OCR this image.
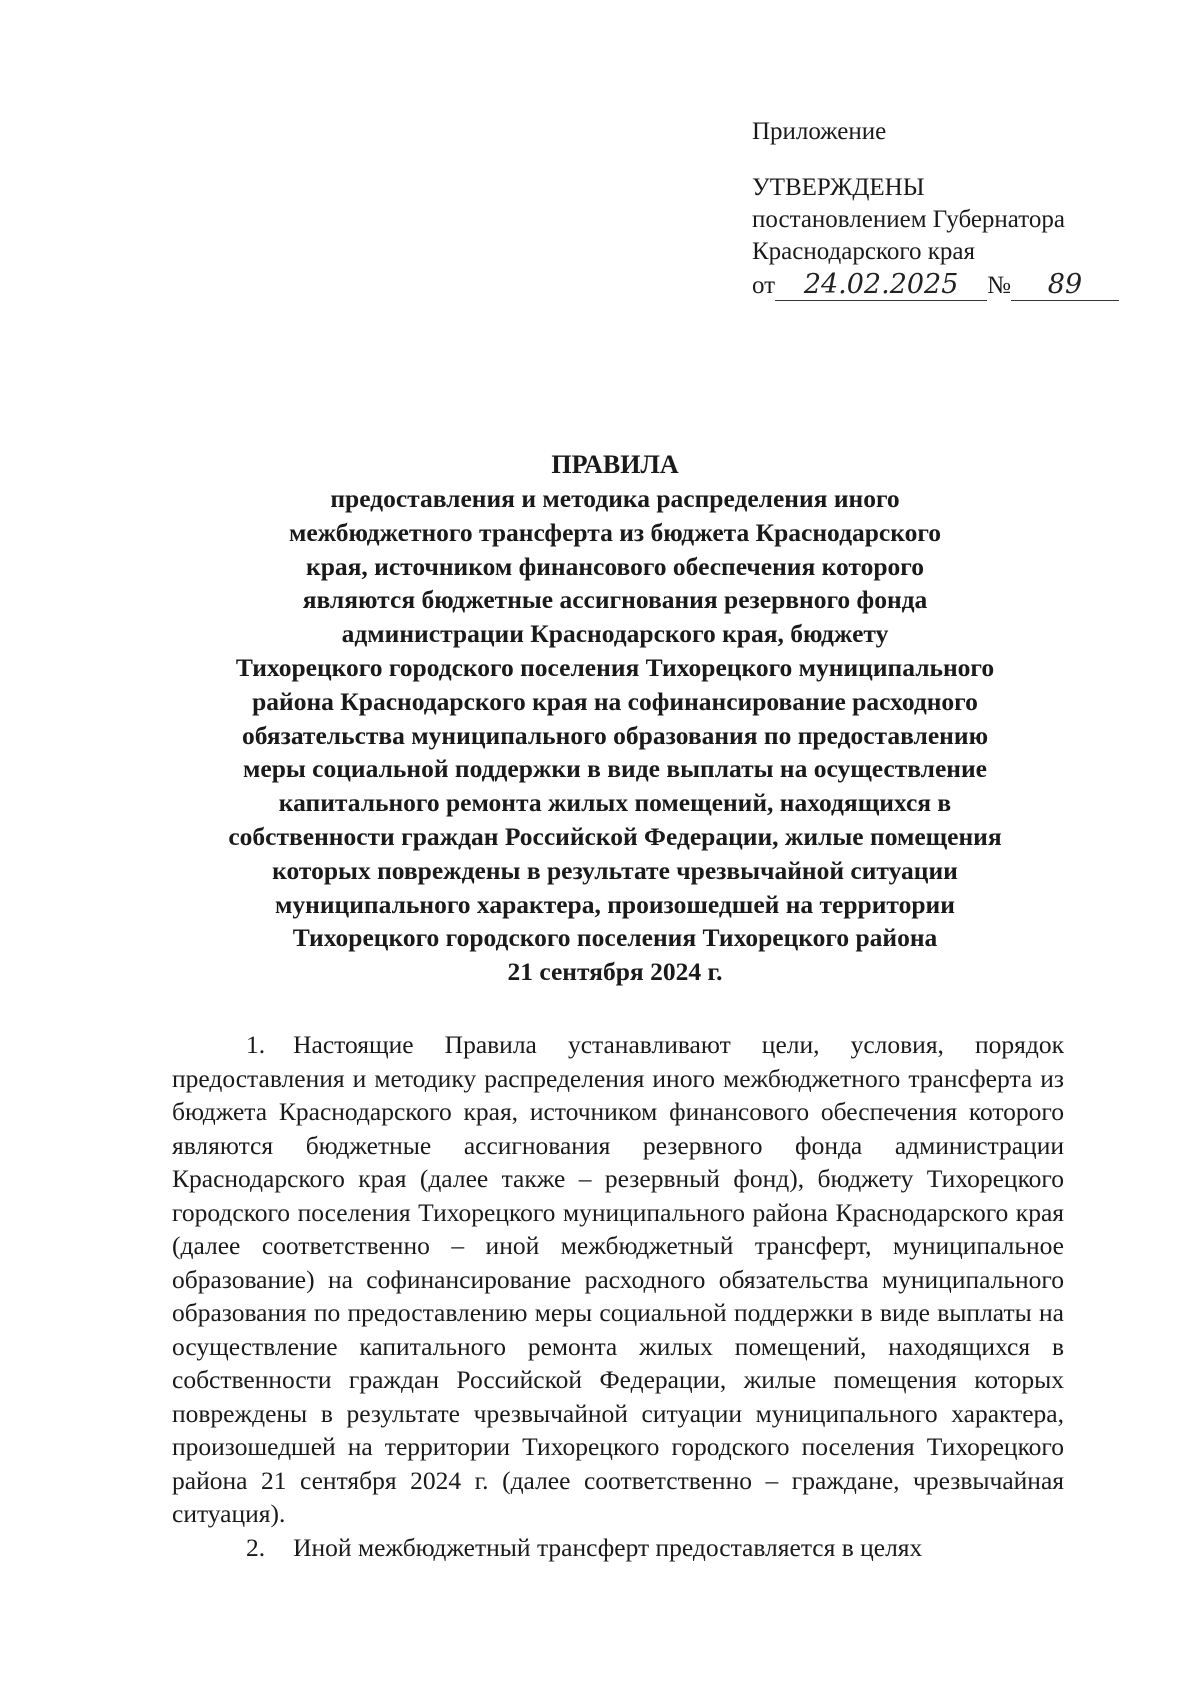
Приложение
УТВЕРЖДЕНЫ
постановлением Губернатора
Краснодарского края
от 24.02.2025 № 89
ПРАВИЛА
предоставления и методика распределения иного
межбюджетного трансферта из бюджета Краснодарского
края, источником финансового обеспечения которого
являются бюджетные ассигнования резервного фонда
администрации Краснодарского края, бюджету
Тихорецкого городского поселения Тихорецкого муниципального
района Краснодарского края на софинансирование расходного
обязательства муниципального образования по предоставлению
меры социальной поддержки в виде выплаты на осуществление
капитального ремонта жилых помещений, находящихся в
собственности граждан Российской Федерации, жилые помещения
которых повреждены в результате чрезвычайной ситуации
муниципального характера, произошедшей на территории
Тихорецкого городского поселения Тихорецкого района
21 сентября 2024 г.

1. Настоящие Правила устанавливают цели, условия, порядок предоставления и методику распределения иного межбюджетного трансферта из бюджета Краснодарского края, источником финансового обеспечения которого являются бюджетные ассигнования резервного фонда администрации Краснодарского края (далее также – резервный фонд), бюджету Тихорецкого городского поселения Тихорецкого муниципального района Краснодарского края (далее соответственно – иной межбюджетный трансферт, муниципальное образование) на софинансирование расходного обязательства муниципального образования по предоставлению меры социальной поддержки в виде выплаты на осуществление капитального ремонта жилых помещений, находящихся в собственности граждан Российской Федерации, жилые помещения которых повреждены в результате чрезвычайной ситуации муниципального характера, произошедшей на территории Тихорецкого городского поселения Тихорецкого района 21 сентября 2024 г. (далее соответственно – граждане, чрезвычайная ситуация).

2. Иной межбюджетный трансферт предоставляется в целях
